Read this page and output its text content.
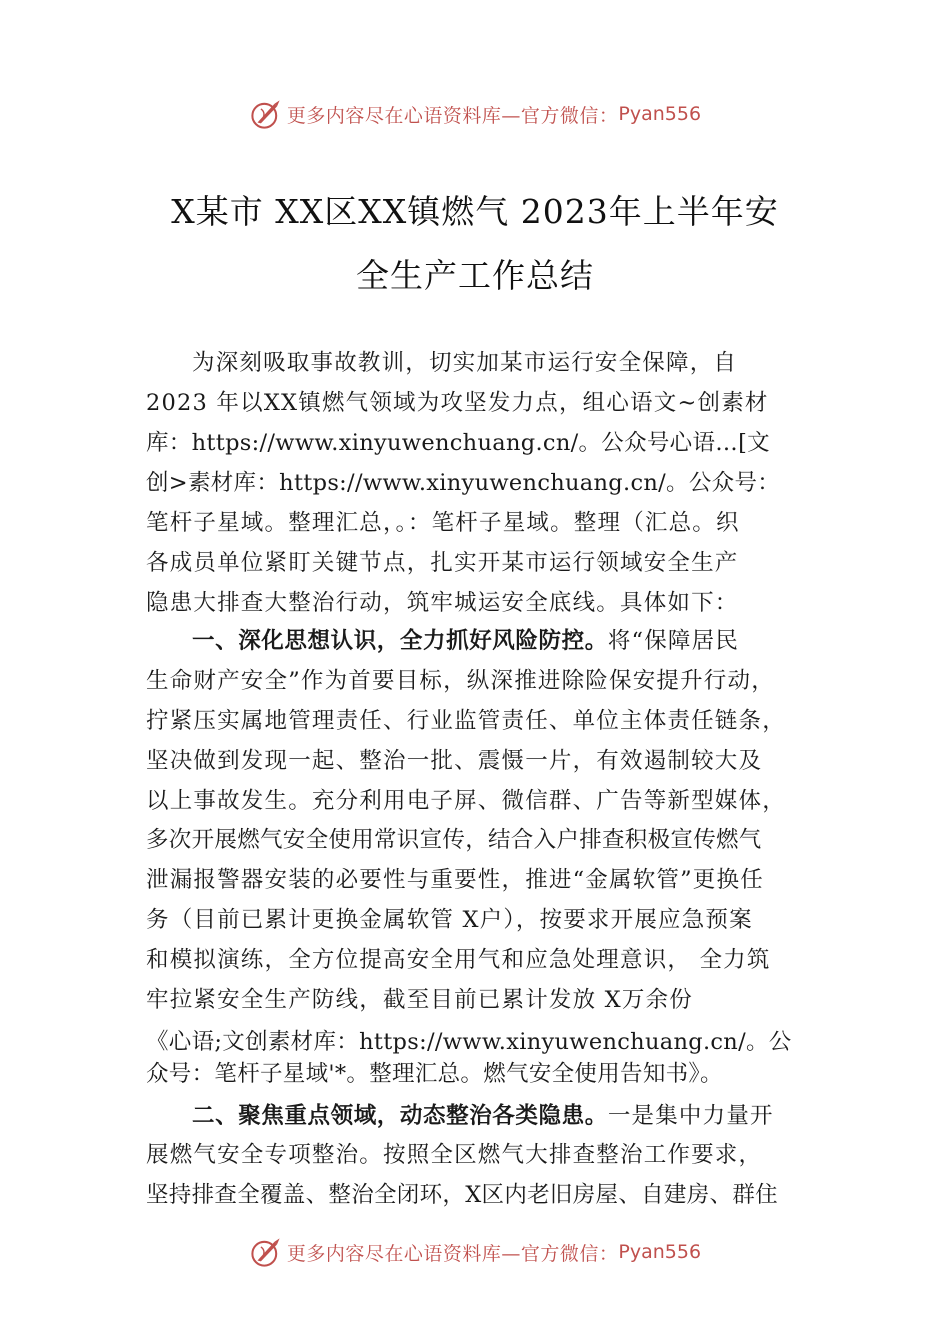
更多内容尽在心语资料库—官方微信： Pyan556
X某市 XX区XX镇燃气 2023年上半年安
全生产工作总结
为深刻吸取事故教训，切实加某市运行安全保障，自
2023 年以XX镇燃气领域为攻坚发力点，组心语文~创素材
库：https://www.xinyuwenchuang.cn/。公众号心语…[文
创>素材库：https://www.xinyuwenchuang.cn/。公众号：
笔杆子星域。整理汇总，。：笔杆子星域。整理（汇总。织
各成员单位紧盯关键节点，扎实开某市运行领域安全生产
隐患大排查大整治行动，筑牢城运安全底线。具体如下：
一、深化思想认识，全力抓好风险防控。将“保障居民
生命财产安全”作为首要目标，纵深推进除险保安提升行动，
拧紧压实属地管理责任、行业监管责任、单位主体责任链条，
坚决做到发现一起、整治一批、震慑一片，有效遏制较大及
以上事故发生。充分利用电子屏、微信群、广告等新型媒体，
多次开展燃气安全使用常识宣传，结合入户排查积极宣传燃气
泄漏报警器安装的必要性与重要性，推进“金属软管”更换任
务（目前已累计更换金属软管 X户），按要求开展应急预案
和模拟演练，全方位提高安全用气和应急处理意识， 全力筑
牢拉紧安全生产防线，截至目前已累计发放 X万余份
《心语;文创素材库：https://www.xinyuwenchuang.cn/。公
众号：笔杆子星域'*。整理汇总。燃气安全使用告知书》。
二、聚焦重点领域，动态整治各类隐患。一是集中力量开
展燃气安全专项整治。按照全区燃气大排查整治工作要求，
坚持排查全覆盖、整治全闭环，X区内老旧房屋、自建房、群住
更多内容尽在心语资料库—官方微信： Pyan556
